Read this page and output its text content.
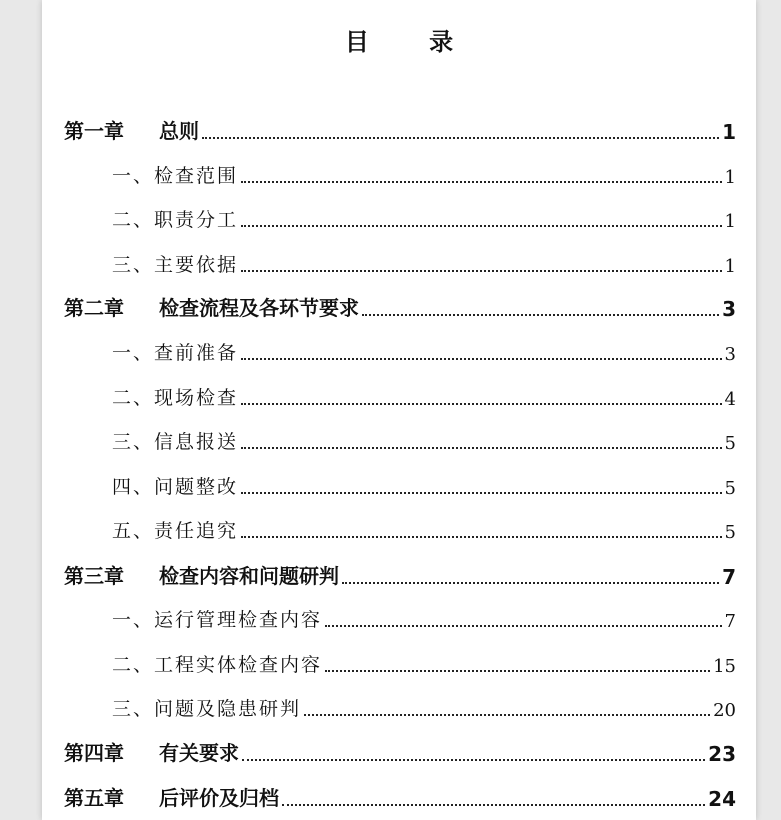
目 录
第一章	总则	1
一、检查范围	1
二、职责分工	1
三、主要依据	1
第二章	检查流程及各环节要求	3
一、查前准备	3
二、现场检查	4
三、信息报送	5
四、问题整改	5
五、责任追究	5
第三章	检查内容和问题研判	7
一、运行管理检查内容	7
二、工程实体检查内容	15
三、问题及隐患研判	20
第四章	有关要求	23
第五章	后评价及归档	24
